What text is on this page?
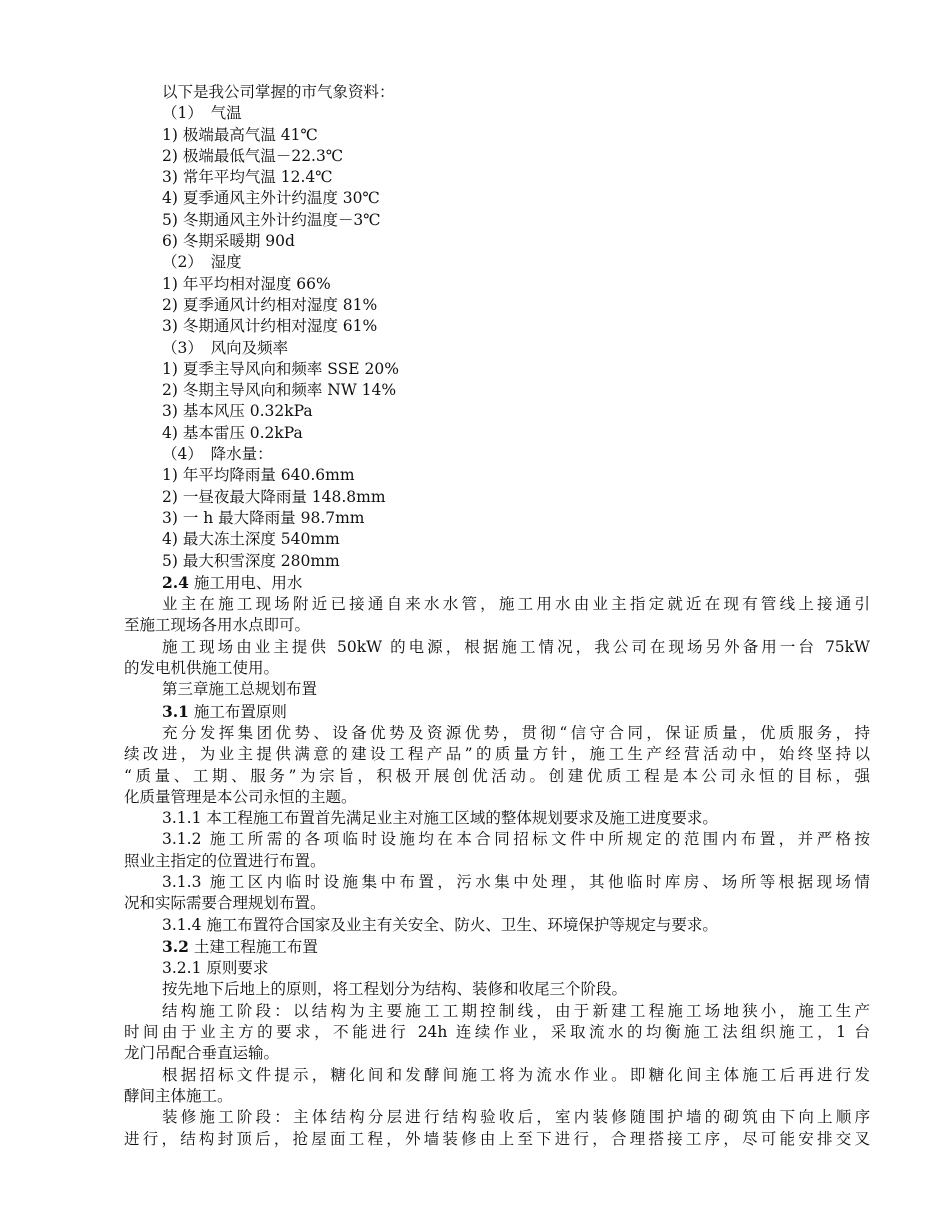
以下是我公司掌握的市气象资料：
（1）　气温
1) 极端最高气温 41℃
2) 极端最低气温－22.3℃
3) 常年平均气温 12.4℃
4) 夏季通风主外计约温度 30℃
5) 冬期通风主外计约温度－3℃
6) 冬期采暖期 90d
（2）　湿度
1) 年平均相对湿度 66%
2) 夏季通风计约相对湿度 81%
3) 冬期通风计约相对湿度 61%
（3）　风向及频率
1) 夏季主导风向和频率 SSE 20%
2) 冬期主导风向和频率 NW 14%
3) 基本风压 0.32kPa
4) 基本雷压 0.2kPa
（4）　降水量：
1) 年平均降雨量 640.6mm
2) 一昼夜最大降雨量 148.8mm
3) 一 h 最大降雨量 98.7mm
4) 最大冻土深度 540mm
5) 最大积雪深度 280mm
2.4 施工用电、用水
业主在施工现场附近已接通自来水水管，施工用水由业主指定就近在现有管线上接通引
至施工现场各用水点即可。
施工现场由业主提供 50kW 的电源，根据施工情况，我公司在现场另外备用一台 75kW
的发电机供施工使用。
第三章施工总规划布置
3.1 施工布置原则
充分发挥集团优势、设备优势及资源优势，贯彻“信守合同，保证质量，优质服务，持
续改进，为业主提供满意的建设工程产品”的质量方针，施工生产经营活动中，始终坚持以
“质量、工期、服务”为宗旨，积极开展创优活动。创建优质工程是本公司永恒的目标，强
化质量管理是本公司永恒的主题。
3.1.1 本工程施工布置首先满足业主对施工区域的整体规划要求及施工进度要求。
3.1.2 施工所需的各项临时设施均在本合同招标文件中所规定的范围内布置，并严格按
照业主指定的位置进行布置。
3.1.3 施工区内临时设施集中布置，污水集中处理，其他临时库房、场所等根据现场情
况和实际需要合理规划布置。
3.1.4 施工布置符合国家及业主有关安全、防火、卫生、环境保护等规定与要求。
3.2 土建工程施工布置
3.2.1 原则要求
按先地下后地上的原则，将工程划分为结构、装修和收尾三个阶段。
结构施工阶段：以结构为主要施工工期控制线，由于新建工程施工场地狭小，施工生产
时间由于业主方的要求，不能进行 24h 连续作业，采取流水的均衡施工法组织施工，1 台
龙门吊配合垂直运输。
根据招标文件提示，糖化间和发酵间施工将为流水作业。即糖化间主体施工后再进行发
酵间主体施工。
装修施工阶段：主体结构分层进行结构验收后，室内装修随围护墙的砌筑由下向上顺序
进行，结构封顶后，抢屋面工程，外墙装修由上至下进行，合理搭接工序，尽可能安排交叉
